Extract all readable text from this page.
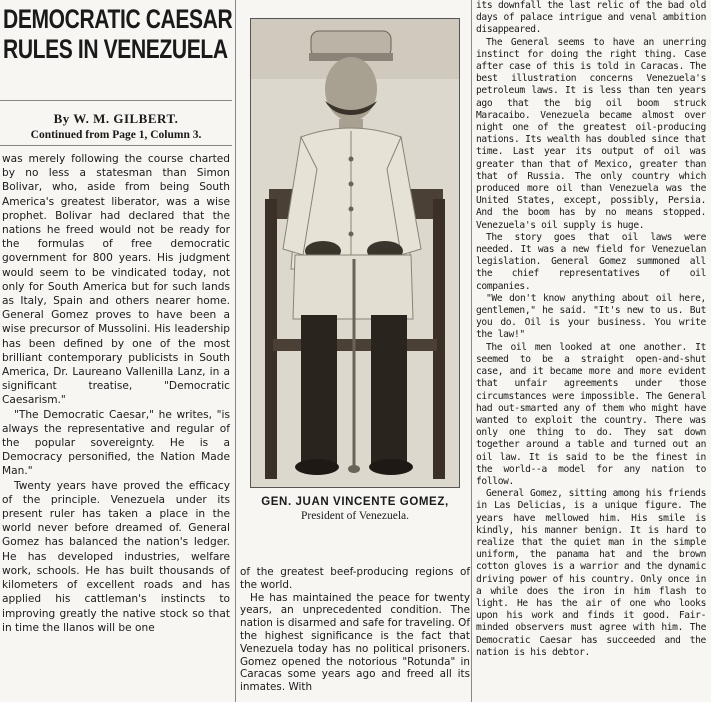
DEMOCRATIC CAESAR
RULES IN VENEZUELA
By W. M. GILBERT.
Continued from Page 1, Column 3.

was merely following the course charted by no less a statesman than Simon Bolivar, who, aside from being South America's greatest liberator, was a wise prophet. Bolivar had declared that the nations he freed would not be ready for the formulas of free democratic government for 800 years. His judgment would seem to be vindicated today, not only for South America but for such lands as Italy, Spain and others nearer home. General Gomez proves to have been a wise precursor of Mussolini. His leadership has been defined by one of the most brilliant contemporary publicists in South America, Dr. Laureano Vallenilla Lanz, in a significant treatise, "Democratic Caesarism."

"The Democratic Caesar," he writes, "is always the representative and regular of the popular sovereignty. He is a Democracy personified, the Nation Made Man."

Twenty years have proved the efficacy of the principle. Venezuela under its present ruler has taken a place in the world never before dreamed of. General Gomez has balanced the nation's ledger. He has developed industries, welfare work, schools. He has built thousands of kilometers of excellent roads and has applied his cattleman's instincts to improving greatly the native stock so that in time the llanos will be one

GEN. JUAN VINCENTE GOMEZ,
President of Venezuela.

of the greatest beef-producing regions of the world.

He has maintained the peace for twenty years, an unprecedented condition. The nation is disarmed and safe for traveling. Of the highest significance is the fact that Venezuela today has no political prisoners. Gomez opened the notorious "Rotunda" in Caracas some years ago and freed all its inmates. With

its downfall the last relic of the bad old days of palace intrigue and venal ambition disappeared.

The General seems to have an unerring instinct for doing the right thing. Case after case of this is told in Caracas. The best illustration concerns Venezuela's petroleum laws. It is less than ten years ago that the big oil boom struck Maracaibo. Venezuela became almost over night one of the greatest oil-producing nations. Its wealth has doubled since that time. Last year its output of oil was greater than that of Mexico, greater than that of Russia. The only country which produced more oil than Venezuela was the United States, except, possibly, Persia. And the boom has by no means stopped. Venezuela's oil supply is huge.

The story goes that oil laws were needed. It was a new field for Venezuelan legislation. General Gomez summoned all the chief representatives of oil companies.

"We don't know anything about oil here, gentlemen," he said. "It's new to us. But you do. Oil is your business. You write the law!"

The oil men looked at one another. It seemed to be a straight open-and-shut case, and it became more and more evident that unfair agreements under those circumstances were impossible. The General had out-smarted any of them who might have wanted to exploit the country. There was only one thing to do. They sat down together around a table and turned out an oil law. It is said to be the finest in the world--a model for any nation to follow.

General Gomez, sitting among his friends in Las Delicias, is a unique figure. The years have mellowed him. His smile is kindly, his manner benign. It is hard to realize that the quiet man in the simple uniform, the panama hat and the brown cotton gloves is a warrior and the dynamic driving power of his country. Only once in a while does the iron in him flash to light. He has the air of one who looks upon his work and finds it good. Fair-minded observers must agree with him. The Democratic Caesar has succeeded and the nation is his debtor.
